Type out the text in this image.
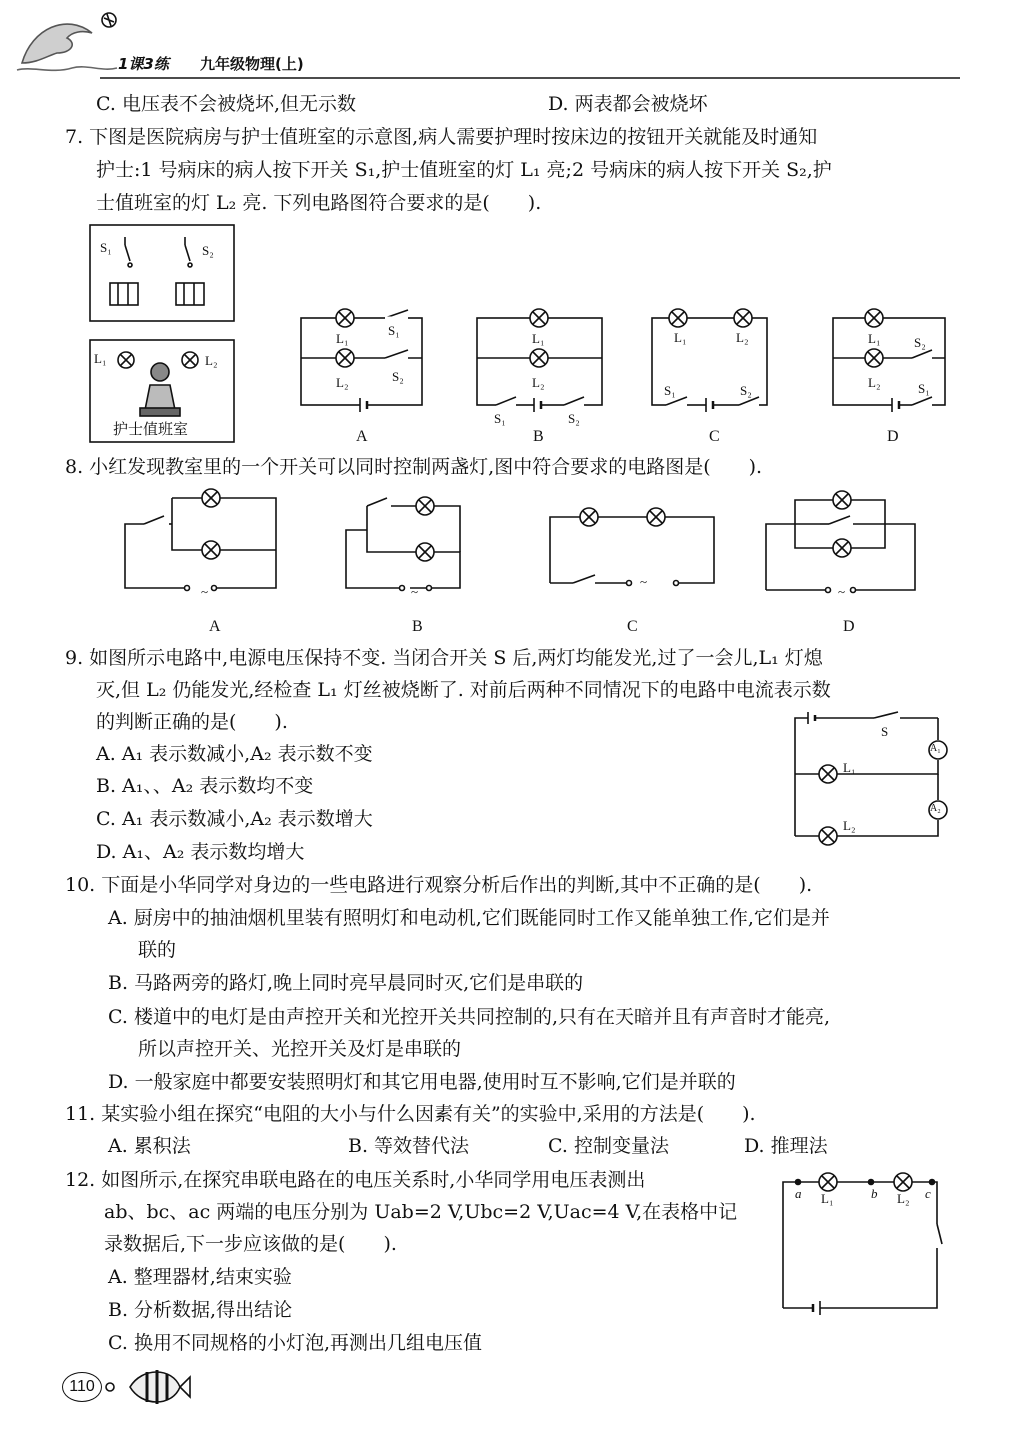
1课3练 九年级物理(上)
C. 电压表不会被烧坏,但无示数	D. 两表都会被烧坏
7. 下图是医院病房与护士值班室的示意图,病人需要护理时按床边的按钮开关就能及时通知
护士:1 号病床的病人按下开关 S₁,护士值班室的灯 L₁ 亮;2 号病床的病人按下开关 S₂,护
士值班室的灯 L₂ 亮. 下列电路图符合要求的是(　　).
S₁	S₂
L₁	L₂
护士值班室
L₁
S₁
L₂	S₂
A
L₁
L₂
S₁	S₂
B
L₁	L₂
S₁	S₂
C
L₁	S₂
L₂	S₁
D
8. 小红发现教室里的一个开关可以同时控制两盏灯,图中符合要求的电路图是(　　).
~
A
~
B
~
C
~
D
9. 如图所示电路中,电源电压保持不变. 当闭合开关 S 后,两灯均能发光,过了一会儿,L₁ 灯熄
灭,但 L₂ 仍能发光,经检查 L₁ 灯丝被烧断了. 对前后两种不同情况下的电路中电流表示数
的判断正确的是(　　).
A. A₁ 表示数减小,A₂ 表示数不变
B. A₁、、A₂ 表示数均不变
C. A₁ 表示数减小,A₂ 表示数增大
D. A₁、A₂ 表示数均增大
S
A₁
A₂
L₁
L₂
10. 下面是小华同学对身边的一些电路进行观察分析后作出的判断,其中不正确的是(　　).
A. 厨房中的抽油烟机里装有照明灯和电动机,它们既能同时工作又能单独工作,它们是并
联的
B. 马路两旁的路灯,晚上同时亮早晨同时灭,它们是串联的
C. 楼道中的电灯是由声控开关和光控开关共同控制的,只有在天暗并且有声音时才能亮,
所以声控开关、光控开关及灯是串联的
D. 一般家庭中都要安装照明灯和其它用电器,使用时互不影响,它们是并联的
11. 某实验小组在探究“电阻的大小与什么因素有关”的实验中,采用的方法是(　　).
A. 累积法	B. 等效替代法	C. 控制变量法	D. 推理法
12. 如图所示,在探究串联电路在的电压关系时,小华同学用电压表测出
ab、bc、ac 两端的电压分别为 Uab=2 V,Ubc=2 V,Uac=4 V,在表格中记
录数据后,下一步应该做的是(　　).
A. 整理器材,结束实验
B. 分析数据,得出结论
C. 换用不同规格的小灯泡,再测出几组电压值
a L₁	b L₂ c
110
